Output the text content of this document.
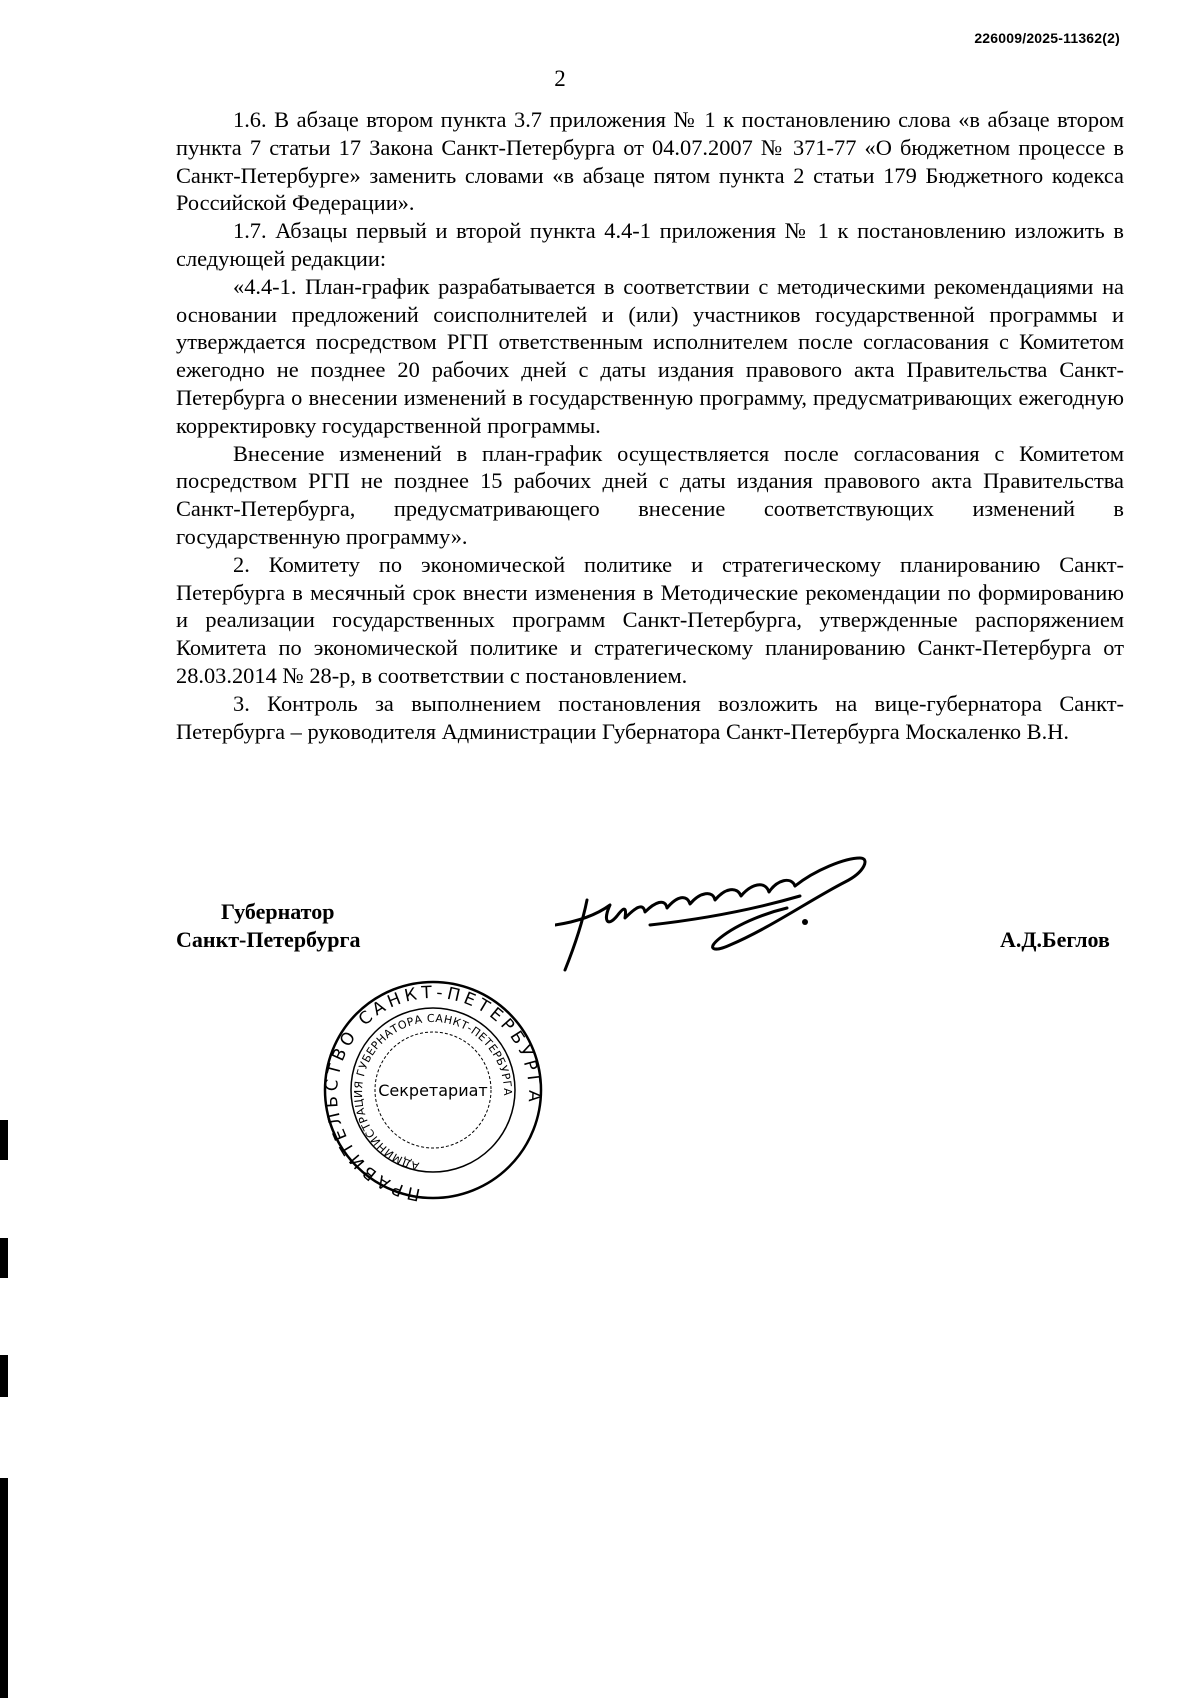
226009/2025-11362(2)
2

1.6. В абзаце втором пункта 3.7 приложения № 1 к постановлению слова «в абзаце втором пункта 7 статьи 17 Закона Санкт-Петербурга от 04.07.2007 № 371-77 «О бюджетном процессе в Санкт-Петербурге» заменить словами «в абзаце пятом пункта 2 статьи 179 Бюджетного кодекса Российской Федерации».

1.7. Абзацы первый и второй пункта 4.4-1 приложения № 1 к постановлению изложить в следующей редакции:

«4.4-1. План-график разрабатывается в соответствии с методическими рекомендациями на основании предложений соисполнителей и (или) участников государственной программы и утверждается посредством РГП ответственным исполнителем после согласования с Комитетом ежегодно не позднее 20 рабочих дней с даты издания правового акта Правительства Санкт-Петербурга о внесении изменений в государственную программу, предусматривающих ежегодную корректировку государственной программы.

Внесение изменений в план-график осуществляется после согласования с Комитетом посредством РГП не позднее 15 рабочих дней с даты издания правового акта Правительства Санкт-Петербурга, предусматривающего внесение соответствующих изменений в государственную программу».

2. Комитету по экономической политике и стратегическому планированию Санкт-Петербурга в месячный срок внести изменения в Методические рекомендации по формированию и реализации государственных программ Санкт-Петербурга, утвержденные распоряжением Комитета по экономической политике и стратегическому планированию Санкт-Петербурга от 28.03.2014 № 28-р, в соответствии с постановлением.

3. Контроль за выполнением постановления возложить на вице-губернатора Санкт-Петербурга – руководителя Администрации Губернатора Санкт-Петербурга Москаленко В.Н.

Губернатор
Санкт-Петербурга	А.Д.Беглов
ПРАВИТЕЛЬСТВО САНКТ-ПЕТЕРБУРГА
АДМИНИСТРАЦИЯ ГУБЕРНАТОРА САНКТ-ПЕТЕРБУРГА
Секретариат
